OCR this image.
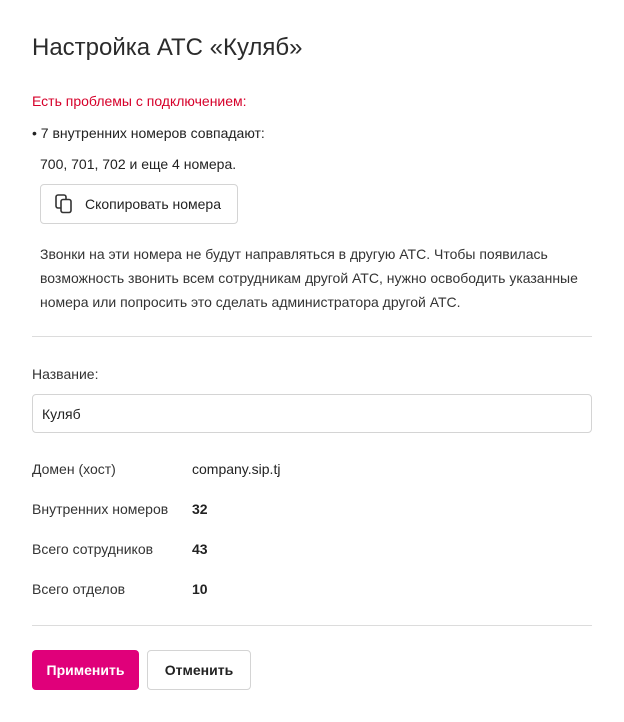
Настройка АТС «Куляб»
Есть проблемы с подключением:
• 7 внутренних номеров совпадают:
700, 701, 702 и еще 4 номера.
Скопировать номера

Звонки на эти номера не будут направляться в другую АТС. Чтобы появилась возможность звонить всем сотрудникам другой АТС, нужно освободить указанные номера или попросить это сделать администратора другой АТС.

Название:
Куляб
Домен (хост)	company.sip.tj
Внутренних номеров 32
Всего сотрудников	43
Всего отделов	10
Применить	Отменить
